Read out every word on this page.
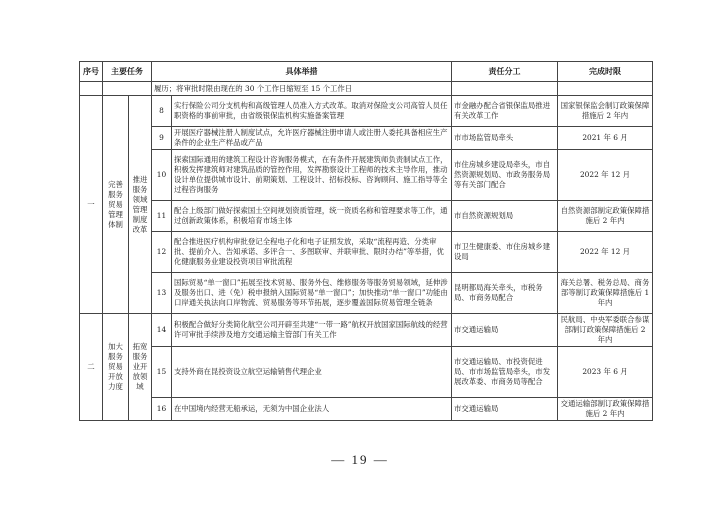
序号	主要任务		具体举措		责任分工	完成时限
			履历；将审批时限由现在的 30 个工作日缩短至 15 个工作日			
一	完善服务贸易管理体制	推进服务领域管理制度改革	8	实行保险公司分支机构和高级管理人员准入方式改革。取消对保险支公司高管人员任职资格的事前审批，由省级银保监机构实施备案管理	市金融办配合省银保监局推进有关改革工作	国家银保监会制订政策保障措施后 2 年内
			9	开展医疗器械注册人制度试点，允许医疗器械注册申请人或注册人委托具备相应生产条件的企业生产样品或产品	市市场监管局牵头	2021 年 6 月
			10	探索国际通用的建筑工程设计咨询服务模式，在有条件开展建筑师负责制试点工作，积极发挥建筑师对建筑品质的管控作用，发挥勘察设计工程师的技术主导作用，推动设计单位提供城市设计、前期策划、工程设计、招标投标、咨询顾问、施工指导等全过程咨询服务	市住房城乡建设局牵头，市自然资源规划局、市政务服务局等有关部门配合	2022 年 12 月
			11	配合上级部门做好探索国土空间规划资质管理，统一资质名称和管理要求等工作，通过创新政策体系，积极培育市场主体	市自然资源规划局	自然资源部制定政策保障措施后 2 年内
			12	配合推进医疗机构审批登记全程电子化和电子证照发放，采取“流程再造、分类审批、提前介入、告知承诺、多评合一、多图联审、并联审批、限时办结”等举措，优化健康服务业建设投资项目审批流程	市卫生健康委、市住房城乡建设局	2022 年 12 月
			13	国际贸易“单一窗口”拓展至技术贸易、服务外包、维修服务等服务贸易领域，延伸涉及服务出口、进（免）税申报纳入国际贸易“单一窗口”；加快推动“单一窗口”功能由口岸通关执法向口岸物流、贸易服务等环节拓展，逐步覆盖国际贸易管理全链条	昆明都局海关牵头，市税务局、市商务局配合	海关总署、税务总局、商务部等制订政策保障措施后 1 年内
二	加大服务贸易开放力度	拓宽服务业开放领域	14	积极配合做好分类简化航空公司开辟至共建“一带一路”航权开放国家国际航线的经营许可审批手续涉及地方交通运输主管部门有关工作	市交通运输局	民航局、中央军委联合参谋部制订政策保障措施后 2 年内
			15	支持外商在昆投资设立航空运输销售代理企业	市交通运输局、市投资促进局、市市场监管局牵头，市发展改革委、市商务局等配合	2023 年 6 月
			16	在中国境内经营无船承运，无须为中国企业法人	市交通运输局	交通运输部制订政策保障措施后 2 年内
— 19 —
